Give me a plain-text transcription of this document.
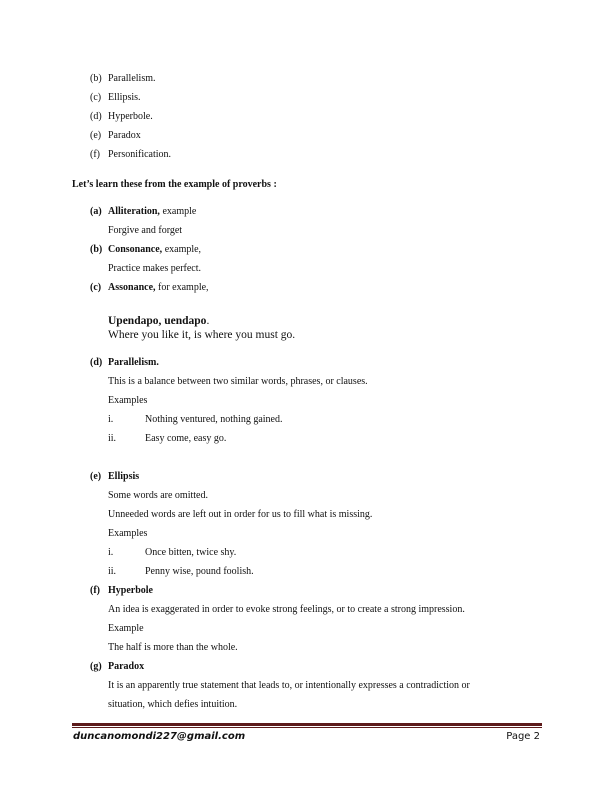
(b) Parallelism.
(c) Ellipsis.
(d) Hyperbole.
(e) Paradox
(f) Personification.
Let’s learn these from the example of proverbs :
(a) Alliteration, example
Forgive and forget
(b) Consonance, example,
Practice makes perfect.
(c) Assonance, for example,
Upendapo, uendapo.
Where you like it, is where you must go.
(d) Parallelism.
This is a balance between two similar words, phrases, or clauses.
Examples
i.	Nothing ventured, nothing gained.
ii.	Easy come, easy go.
(e) Ellipsis
Some words are omitted.
Unneeded words are left out in order for us to fill what is missing.
Examples
i.	Once bitten, twice shy.
ii.	Penny wise, pound foolish.
(f) Hyperbole
An idea is exaggerated in order to evoke strong feelings, or to create a strong impression.
Example
The half is more than the whole.
(g) Paradox
It is an apparently true statement that leads to, or intentionally expresses a contradiction or
situation, which defies intuition.
duncanomondi227@gmail.com	Page 2
